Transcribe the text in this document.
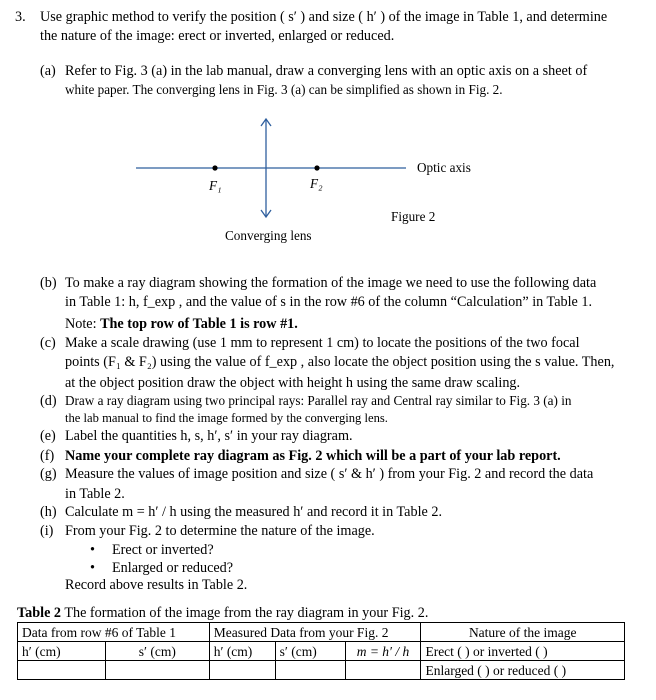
3. Use graphic method to verify the position ( s′ ) and size ( h′ ) of the image in Table 1, and determine
the nature of the image: erect or inverted, enlarged or reduced.
(a) Refer to Fig. 3 (a) in the lab manual, draw a converging lens with an optic axis on a sheet of
white paper. The converging lens in Fig. 3 (a) can be simplified as shown in Fig. 2.
Optic axis
F₁	F₂
Figure 2
Converging lens
(b) To make a ray diagram showing the formation of the image we need to use the following data
in Table 1: h, f_exp , and the value of s in the row #6 of the column “Calculation” in Table 1.
Note: The top row of Table 1 is row #1.
(c) Make a scale drawing (use 1 mm to represent 1 cm) to locate the positions of the two focal
points (F₁ & F₂) using the value of f_exp , also locate the object position using the s value. Then,
at the object position draw the object with height h using the same draw scaling.
(d) Draw a ray diagram using two principal rays: Parallel ray and Central ray similar to Fig. 3 (a) in
the lab manual to find the image formed by the converging lens.
(e) Label the quantities h, s, h′, s′ in your ray diagram.
(f) Name your complete ray diagram as Fig. 2 which will be a part of your lab report.
(g) Measure the values of image position and size ( s′ & h′ ) from your Fig. 2 and record the data
in Table 2.
(h) Calculate m = h′ / h using the measured h′ and record it in Table 2.
(i) From your Fig. 2 to determine the nature of the image.
• Erect or inverted?
• Enlarged or reduced?
Record above results in Table 2.
Table 2 The formation of the image from the ray diagram in your Fig. 2.
Data from row #6 of Table 1		Measured Data from your Fig. 2			Nature of the image
h′ (cm)	s′ (cm)	h′ (cm)	s′ (cm)	m = h′ / h	Erect ( ) or inverted ( )
					Enlarged ( ) or reduced ( )
